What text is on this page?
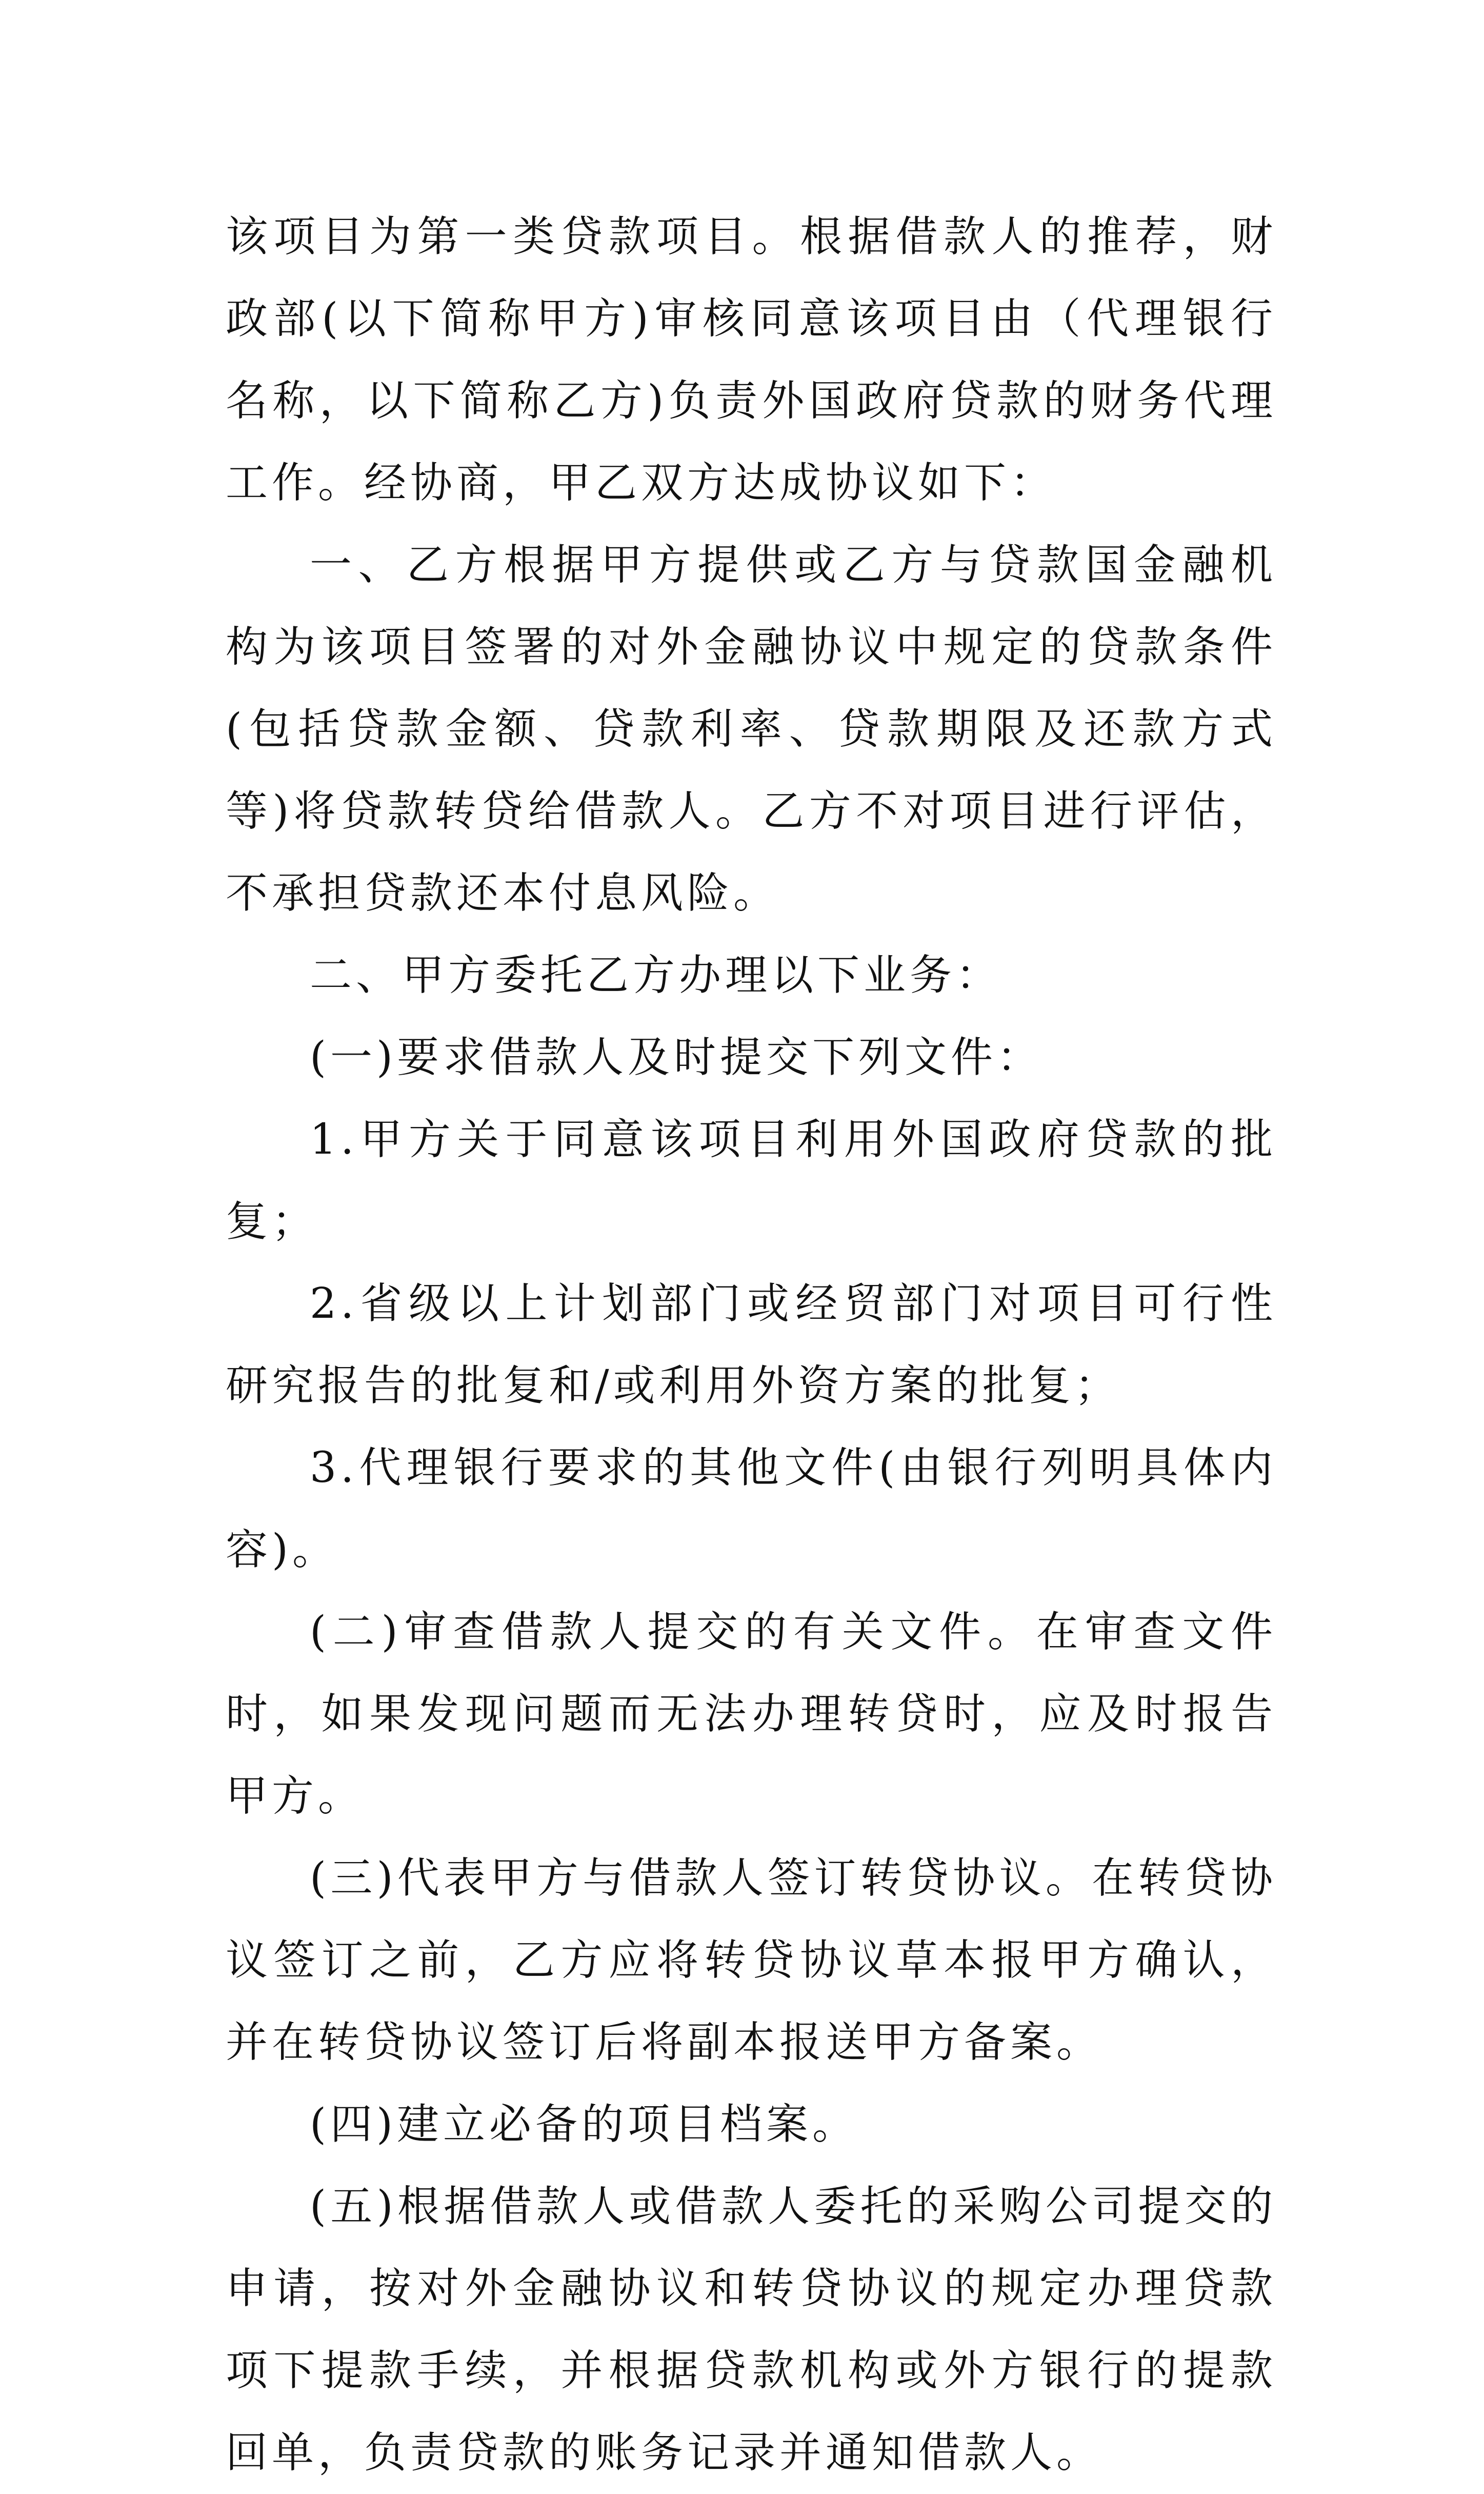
该项目为第一类贷款项目。根据借款人的推荐，财政部(以下简称甲方)审核同意该项目由（代理银行名称，以下简称乙方)负责外国政府贷款的财务代理工作。经协商，甲乙双方达成协议如下：

一、乙方根据甲方提供或乙方与贷款国金融机构为该项目签署的对外金融协议中规定的贷款条件(包括贷款金额、贷款利率、贷款期限及还款方式等)将贷款转贷给借款人。乙方不对项目进行评估，不承担贷款还本付息风险。

二、甲方委托乙方办理以下业务：

(一)要求借款人及时提交下列文件：

1.甲方关于同意该项目利用外国政府贷款的批复；

2.省级以上计划部门或经贸部门对项目可行性研究报告的批复和/或利用外资方案的批复；

3.代理银行要求的其他文件(由银行列明具体内容)。

(二)审查借款人提交的有关文件。在审查文件时，如果发现问题而无法办理转贷时，应及时报告甲方。

(三)代表甲方与借款人签订转贷协议。在转贷协议签订之前，乙方应将转贷协议草本报甲方确认，并在转贷协议签订后将副本报送甲方备案。

(四)建立必备的项目档案。

(五)根据借款人或借款人委托的采购公司提交的申请，按对外金融协议和转贷协议的规定办理贷款项下提款手续，并根据贷款机构或外方银行的提款回单，负责贷款的账务记录并通知借款人。
